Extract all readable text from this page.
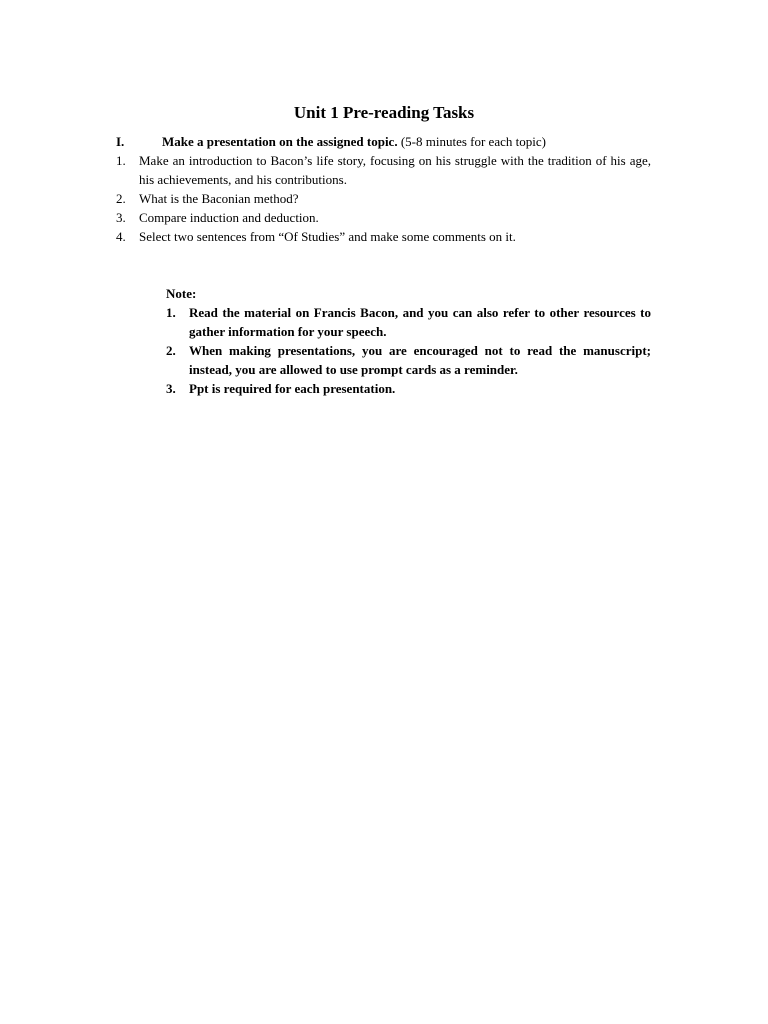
Unit 1 Pre-reading Tasks
I.	Make a presentation on the assigned topic. (5-8 minutes for each topic)
1. Make an introduction to Bacon’s life story, focusing on his struggle with the tradition of his age, his achievements, and his contributions.
2. What is the Baconian method?
3. Compare induction and deduction.
4. Select two sentences from “Of Studies” and make some comments on it.
Note:
1. Read the material on Francis Bacon, and you can also refer to other resources to gather information for your speech.
2. When making presentations, you are encouraged not to read the manuscript; instead, you are allowed to use prompt cards as a reminder.
3. Ppt is required for each presentation.
